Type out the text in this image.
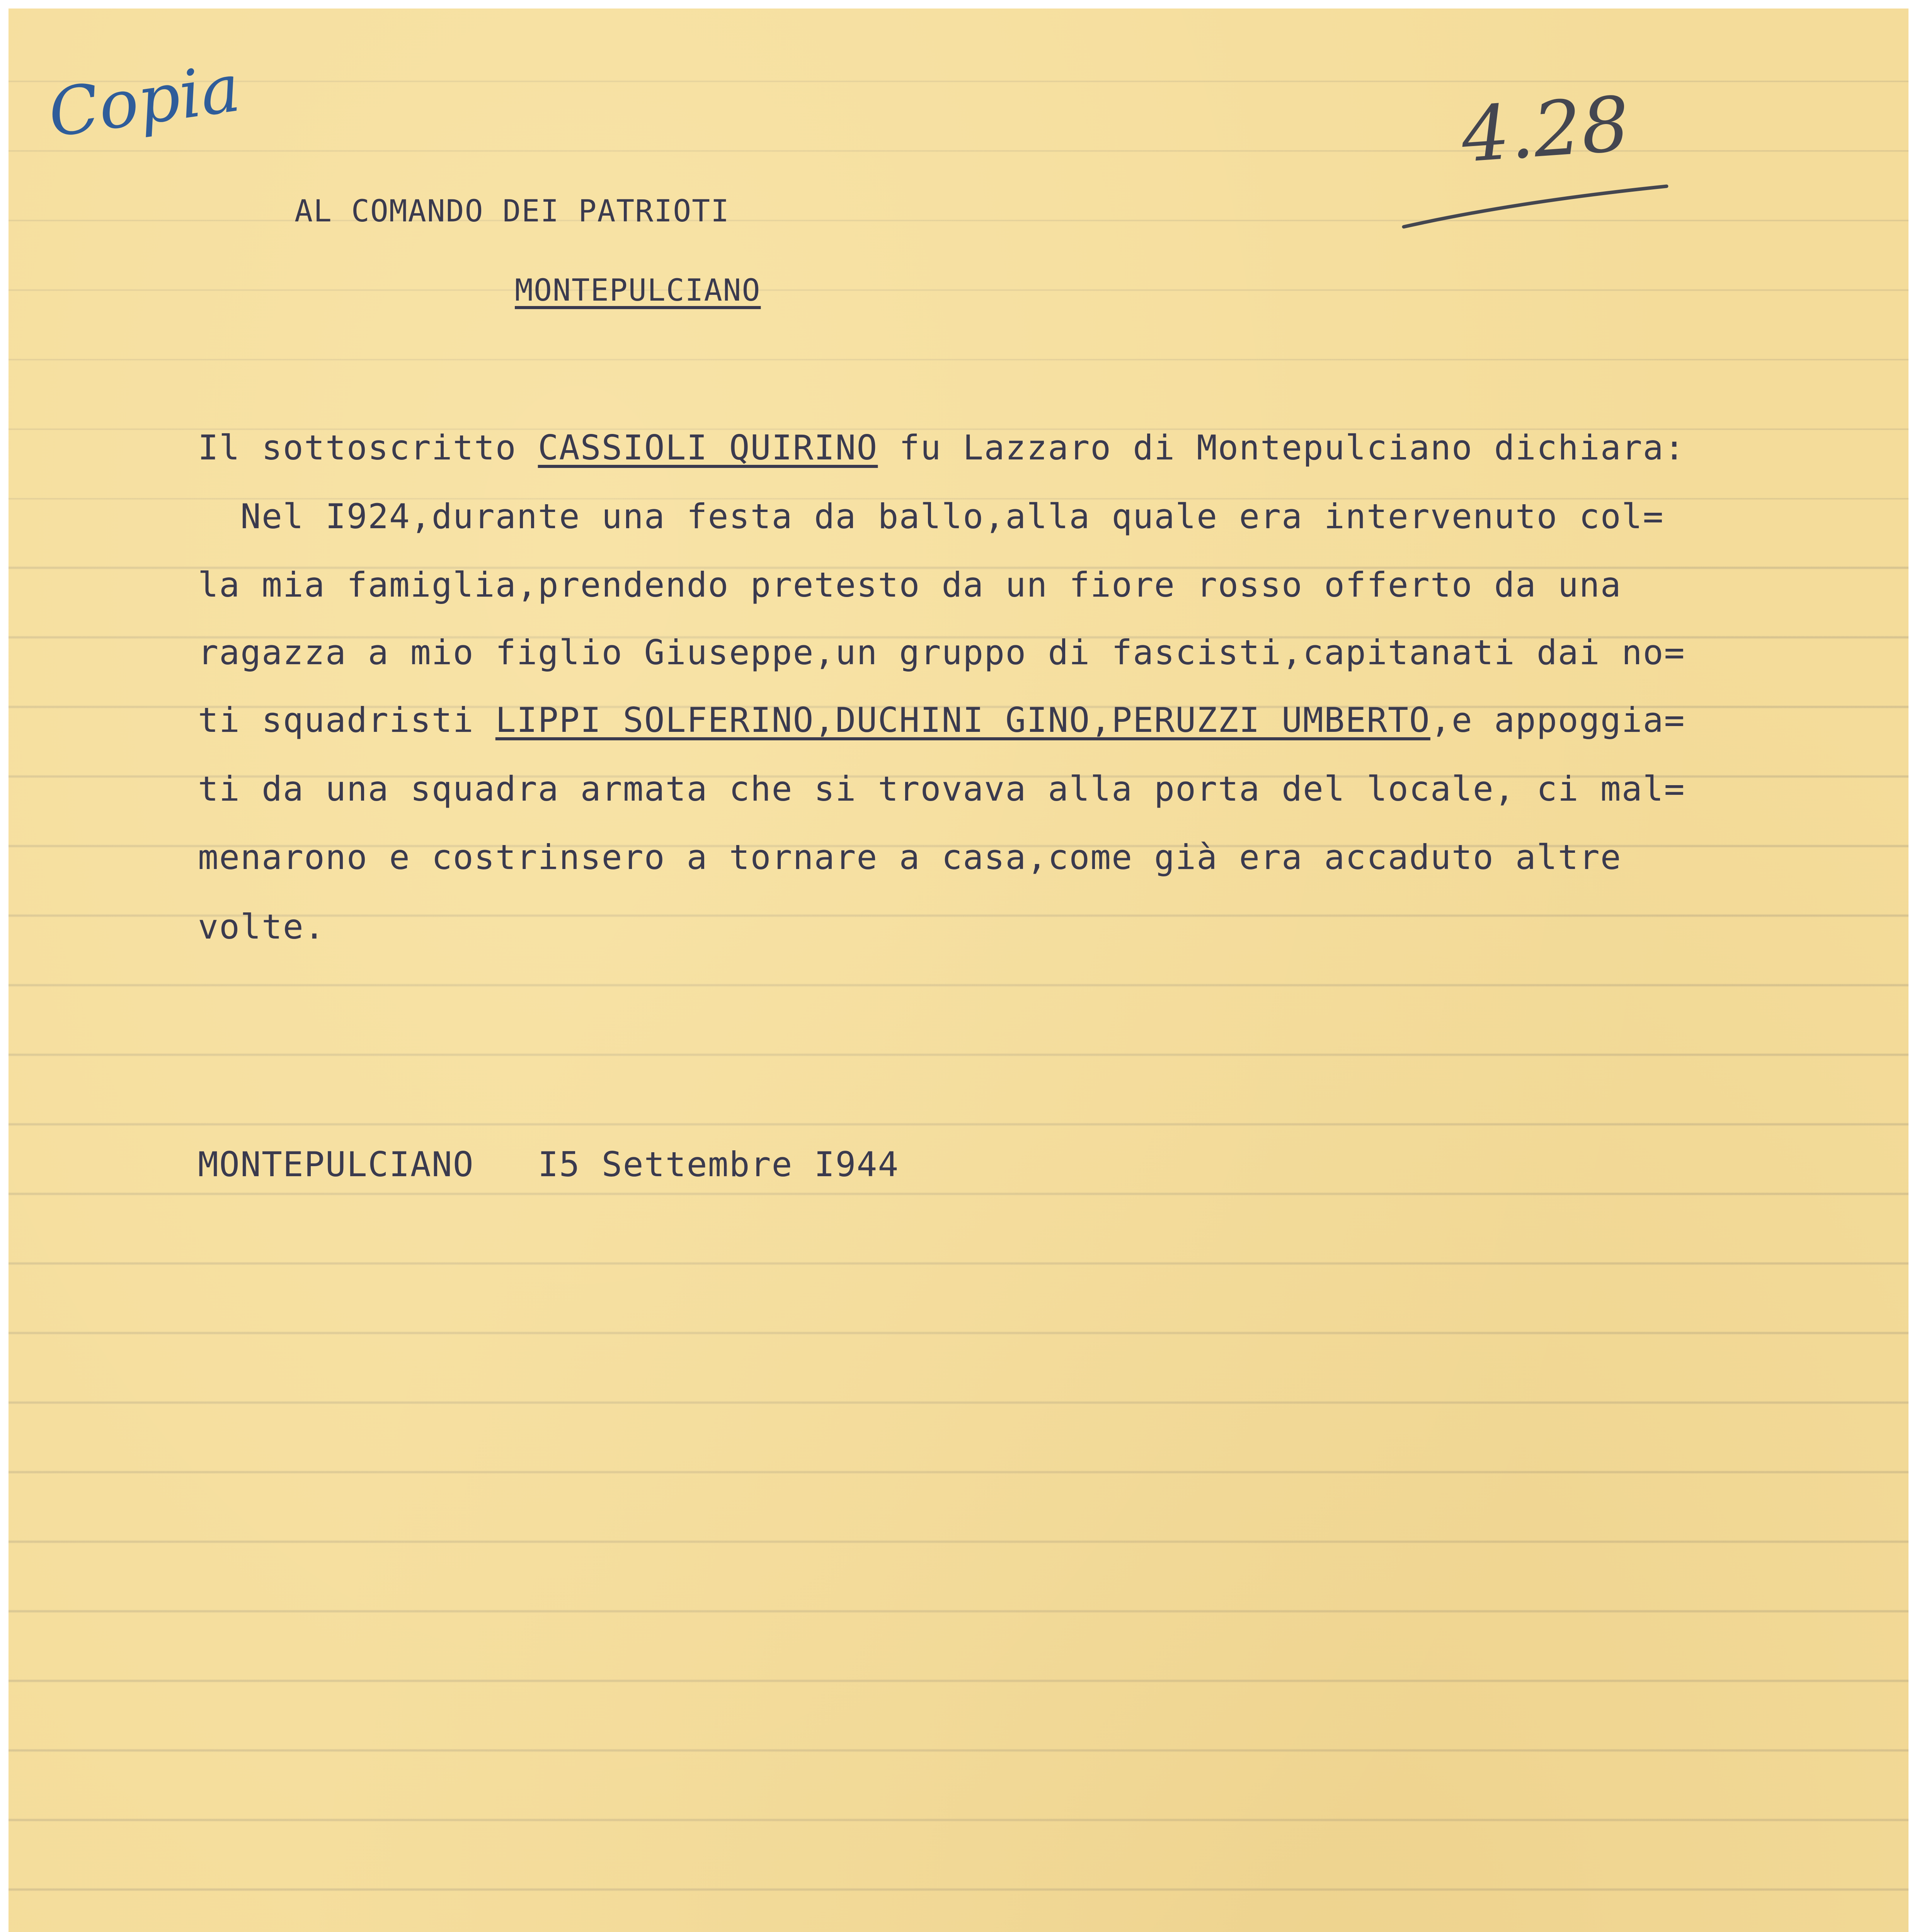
Copia	4.28
AL COMANDO DEI PATRIOTI
MONTEPULCIANO
Il sottoscritto CASSIOLI QUIRINO fu Lazzaro di Montepulciano dichiara:
Nel I924,durante una festa da ballo,alla quale era intervenuto col=
la mia famiglia,prendendo pretesto da un fiore rosso offerto da una
ragazza a mio figlio Giuseppe,un gruppo di fascisti,capitanati dai no=
ti squadristi LIPPI SOLFERINO,DUCHINI GINO,PERUZZI UMBERTO,e appoggia=
ti da una squadra armata che si trovava alla porta del locale, ci mal=
menarono e costrinsero a tornare a casa,come già era accaduto altre
volte.
MONTEPULCIANO I5 Settembre I944
